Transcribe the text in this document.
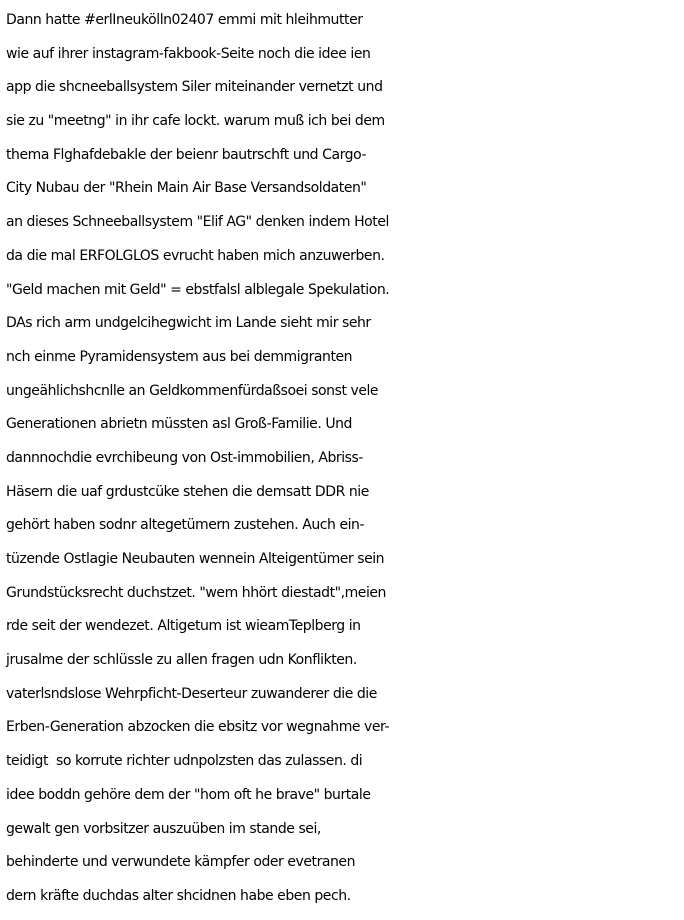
Dann hatte #erlIneukölln02407 emmi mit hleihmutter
wie auf ihrer instagram-fakbook-Seite noch die idee ien
app die shcneeballsystem Siler miteinander vernetzt und
sie zu "meetng" in ihr cafe lockt. warum muß ich bei dem
thema Flghafdebakle der beienr bautrschft und Cargo-
City Nubau der "Rhein Main Air Base Versandsoldaten"
an dieses Schneeballsystem "Elif AG" denken indem Hotel
da die mal ERFOLGLOS evrucht haben mich anzuwerben.
"Geld machen mit Geld" = ebstfalsl alblegale Spekulation.
DAs rich arm undgelcihegwicht im Lande sieht mir sehr
nch einme Pyramidensystem aus bei demmigranten
ungeählichshcnlle an Geldkommenfürdaßsoei sonst vele
Generationen abrietn müssten asl Groß-Familie. Und
dannnochdie evrchibeung von Ost-immobilien, Abriss-
Häsern die uaf grdustcüke stehen die demsatt DDR nie
gehört haben sodnr altegetümern zustehen. Auch ein-
tüzende Ostlagie Neubauten wennein Alteigentümer sein
Grundstücksrecht duchstzet. "wem hhört diestadt",meien
rde seit der wendezet. Altigetum ist wieamTeplberg in
jrusalme der schlüssle zu allen fragen udn Konflikten.
vaterlsndslose Wehrpficht-Deserteur zuwanderer die die
Erben-Generation abzocken die ebsitz vor wegnahme ver-
teidigt  so korrute richter udnpolzsten das zulassen. di
idee boddn gehöre dem der "hom oft he brave" burtale
gewalt gen vorbsitzer auszuüben im stande sei,
behinderte und verwundete kämpfer oder evetranen
dern kräfte duchdas alter shcidnen habe eben pech.
